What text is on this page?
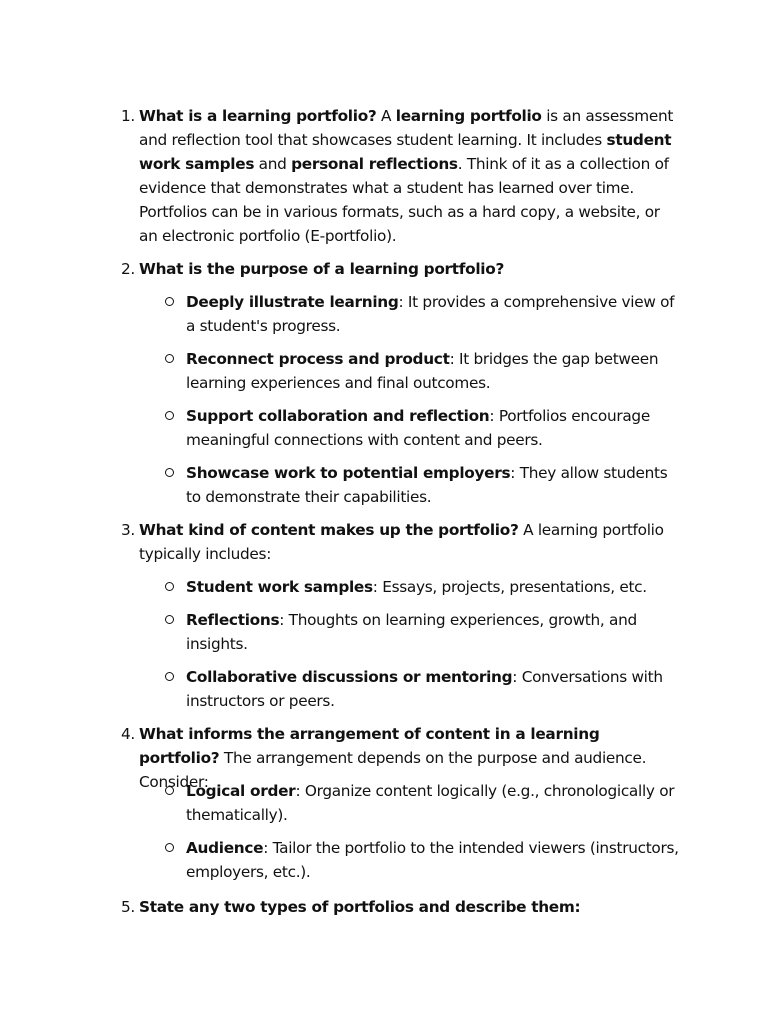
1. What is a learning portfolio? A learning portfolio is an assessment and reflection tool that showcases student learning. It includes student work samples and personal reflections. Think of it as a collection of evidence that demonstrates what a student has learned over time. Portfolios can be in various formats, such as a hard copy, a website, or an electronic portfolio (E-portfolio).
2. What is the purpose of a learning portfolio?
Deeply illustrate learning: It provides a comprehensive view of a student's progress.
Reconnect process and product: It bridges the gap between learning experiences and final outcomes.
Support collaboration and reflection: Portfolios encourage meaningful connections with content and peers.
Showcase work to potential employers: They allow students to demonstrate their capabilities.
3. What kind of content makes up the portfolio? A learning portfolio typically includes:
Student work samples: Essays, projects, presentations, etc.
Reflections: Thoughts on learning experiences, growth, and insights.
Collaborative discussions or mentoring: Conversations with instructors or peers.
4. What informs the arrangement of content in a learning portfolio? The arrangement depends on the purpose and audience. Consider:
Logical order: Organize content logically (e.g., chronologically or thematically).
Audience: Tailor the portfolio to the intended viewers (instructors, employers, etc.).
5. State any two types of portfolios and describe them:
